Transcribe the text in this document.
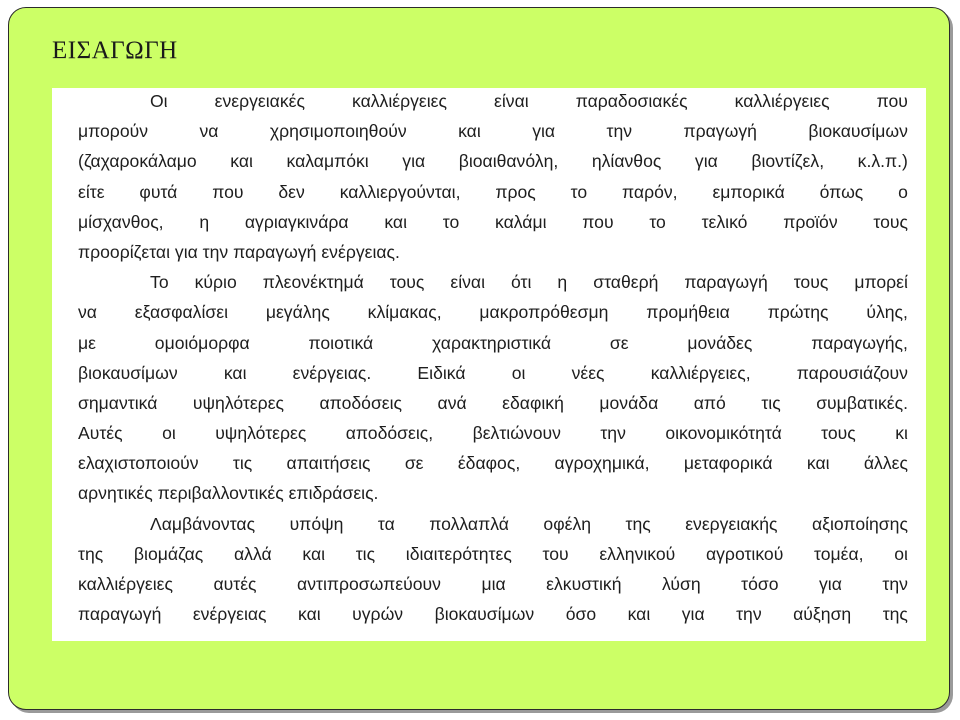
ΕΙΣΑΓΩΓΗ
Οι	ενεργειακές	καλλιέργειες	είναι	παραδοσιακές	καλλιέργειες	που
μπορούν	να	χρησιμοποιηθούν	και	για	την	πραγωγή	βιοκαυσίμων
(ζαχαροκάλαμο και καλαμπόκι για βιοαιθανόλη, ηλίανθος για βιοντίζελ, κ.λ.π.)
είτε φυτά που δεν καλλιεργούνται, προς το παρόν, εμπορικά όπως ο
μίσχανθος, η αγριαγκινάρα και το καλάμι που το τελικό προϊόν τους
προορίζεται για την παραγωγή ενέργειας.
Το κύριο πλεονέκτημά τους είναι ότι η σταθερή παραγωγή τους μπορεί
να εξασφαλίσει μεγάλης κλίμακας, μακροπρόθεσμη προμήθεια πρώτης ύλης,
με	ομοιόμορφα	ποιοτικά	χαρακτηριστικά	σε	μονάδες	παραγωγής,
βιοκαυσίμων	και	ενέργειας.	Ειδικά	οι	νέες	καλλιέργειες,	παρουσιάζουν
σημαντικά υψηλότερες αποδόσεις ανά εδαφική μονάδα από τις συμβατικές.
Αυτές οι υψηλότερες αποδόσεις, βελτιώνουν την οικονομικότητά τους κι
ελαχιστοποιούν τις απαιτήσεις σε έδαφος, αγροχημικά, μεταφορικά και άλλες
αρνητικές περιβαλλοντικές επιδράσεις.
Λαμβάνοντας υπόψη τα πολλαπλά οφέλη της ενεργειακής αξιοποίησης
της βιομάζας αλλά και τις ιδιαιτερότητες του ελληνικού αγροτικού τομέα, οι
καλλιέργειες αυτές αντιπροσωπεύουν μια ελκυστική λύση τόσο για την
παραγωγή ενέργειας και υγρών βιοκαυσίμων όσο και για την αύξηση της
